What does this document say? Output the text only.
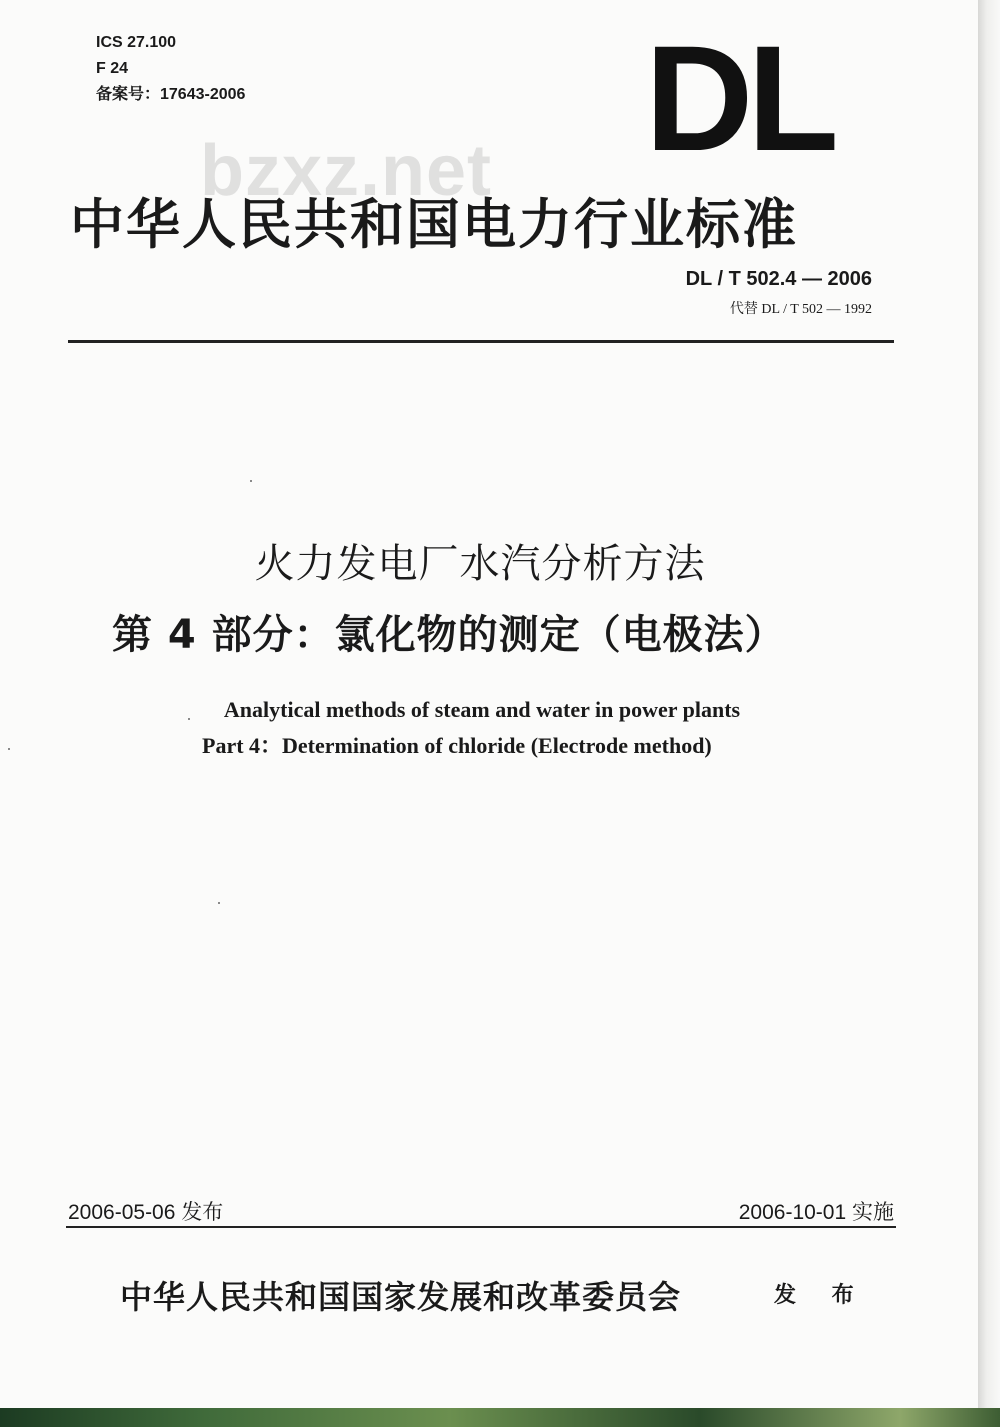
ICS 27.100
F 24
备案号：17643-2006	DL
bzxz.net
中华人民共和国电力行业标准
DL / T 502.4 — 2006
代替 DL / T 502 — 1992
火力发电厂水汽分析方法
第 4 部分：氯化物的测定（电极法）
Analytical methods of steam and water in power plants
Part 4：Determination of chloride (Electrode method)
2006-05-06 发布	2006-10-01 实施
中华人民共和国国家发展和改革委员会	发 布
